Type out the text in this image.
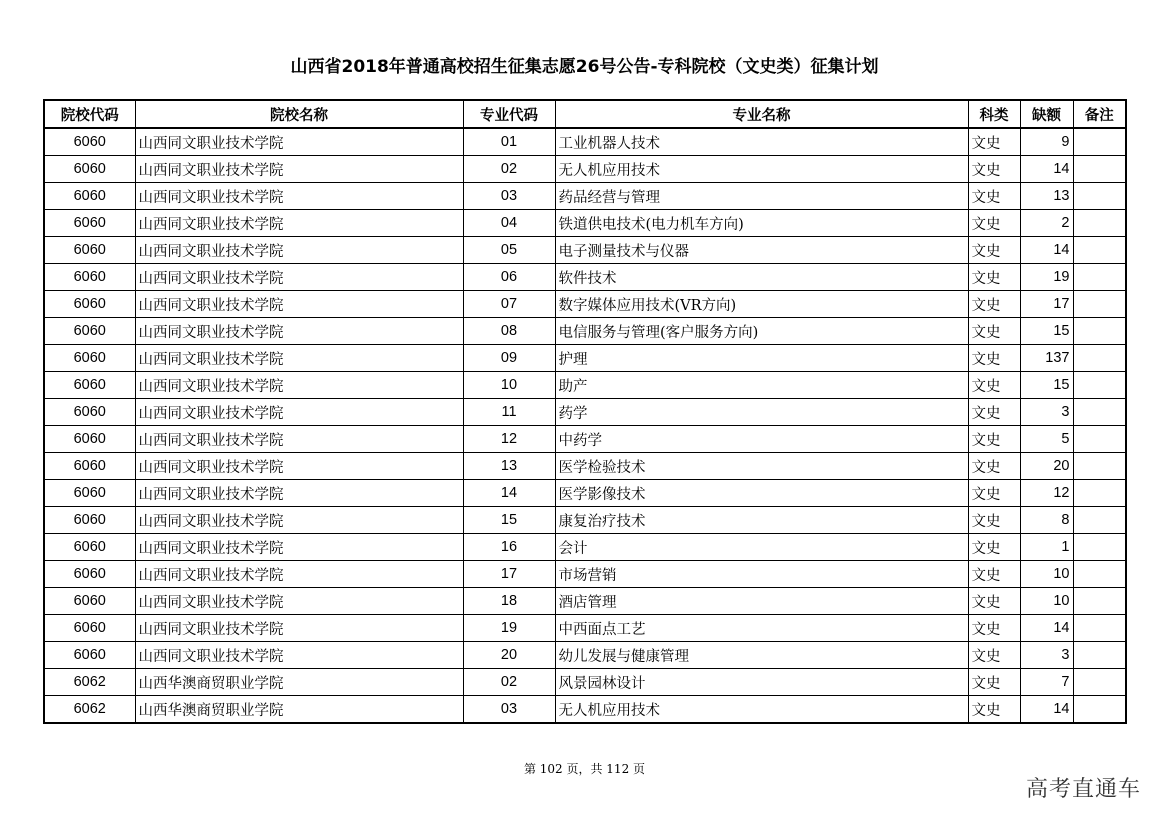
山西省2018年普通高校招生征集志愿26号公告-专科院校（文史类）征集计划
院校代码	院校名称	专业代码	专业名称	科类	缺额	备注
6060	山西同文职业技术学院	01	工业机器人技术	文史	9	
6060	山西同文职业技术学院	02	无人机应用技术	文史	14	
6060	山西同文职业技术学院	03	药品经营与管理	文史	13	
6060	山西同文职业技术学院	04	铁道供电技术(电力机车方向)	文史	2	
6060	山西同文职业技术学院	05	电子测量技术与仪器	文史	14	
6060	山西同文职业技术学院	06	软件技术	文史	19	
6060	山西同文职业技术学院	07	数字媒体应用技术(VR方向)	文史	17	
6060	山西同文职业技术学院	08	电信服务与管理(客户服务方向)	文史	15	
6060	山西同文职业技术学院	09	护理	文史	137	
6060	山西同文职业技术学院	10	助产	文史	15	
6060	山西同文职业技术学院	11	药学	文史	3	
6060	山西同文职业技术学院	12	中药学	文史	5	
6060	山西同文职业技术学院	13	医学检验技术	文史	20	
6060	山西同文职业技术学院	14	医学影像技术	文史	12	
6060	山西同文职业技术学院	15	康复治疗技术	文史	8	
6060	山西同文职业技术学院	16	会计	文史	1	
6060	山西同文职业技术学院	17	市场营销	文史	10	
6060	山西同文职业技术学院	18	酒店管理	文史	10	
6060	山西同文职业技术学院	19	中西面点工艺	文史	14	
6060	山西同文职业技术学院	20	幼儿发展与健康管理	文史	3	
6062	山西华澳商贸职业学院	02	风景园林设计	文史	7	
6062	山西华澳商贸职业学院	03	无人机应用技术	文史	14	
第 102 页，共 112 页
高考直通车
